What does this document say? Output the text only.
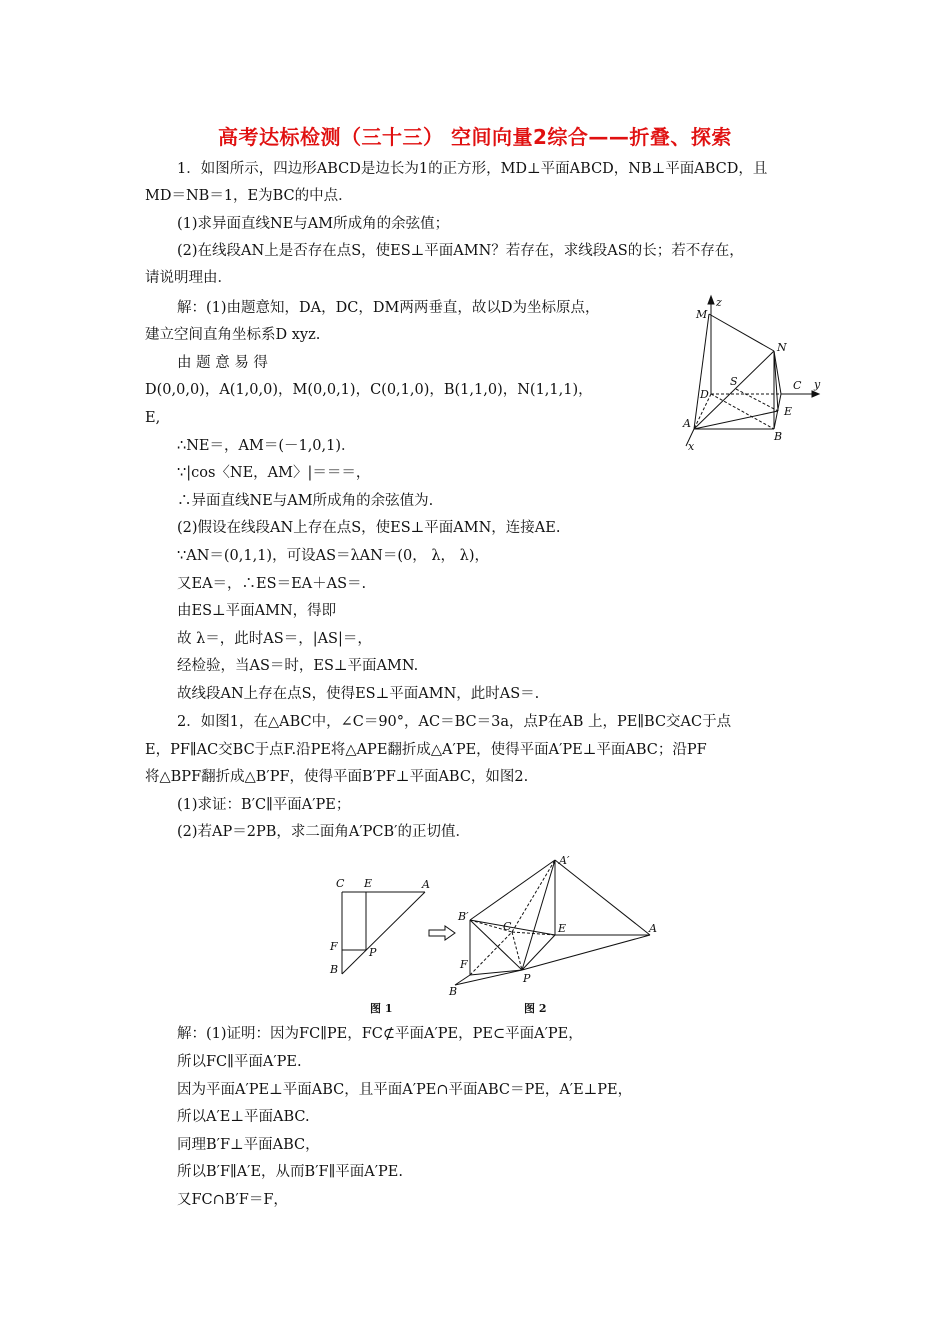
高考达标检测（三十三） 空间向量2综合——折叠、探索
1．如图所示，四边形ABCD是边长为1的正方形，MD⊥平面ABCD，NB⊥平面ABCD，且
MD＝NB＝1，E为BC的中点．
(1)求异面直线NE与AM所成角的余弦值；
(2)在线段AN上是否存在点S，使ES⊥平面AMN？若存在，求线段AS的长；若不存在，
请说明理由．
解：(1)由题意知，DA，DC，DM两两垂直，故以D为坐标原点，
建立空间直角坐标系D xyz.
由 题 意 易 得
D(0,0,0)，A(1,0,0)，M(0,0,1)，C(0,1,0)，B(1,1,0)，N(1,1,1)，
E,
∴NE＝，AM＝(－1,0,1)．
∵|cos〈NE，AM〉|＝＝＝，
∴异面直线NE与AM所成角的余弦值为.
(2)假设在线段AN上存在点S，使ES⊥平面AMN，连接AE.
∵AN＝(0,1,1)，可设AS＝λAN＝(0， λ， λ)，
又EA＝，∴ES＝EA＋AS＝.
由ES⊥平面AMN，得即
故 λ＝，此时AS＝，|AS|＝，
经检验，当AS＝时，ES⊥平面AMN.
故线段AN上存在点S，使得ES⊥平面AMN，此时AS＝.
2．如图1，在△ABC中，∠C＝90°，AC＝BC＝3a，点P在AB 上，PE∥BC交AC于点
E，PF∥AC交BC于点F.沿PE将△APE翻折成△A′PE，使得平面A′PE⊥平面ABC；沿PF
将△BPF翻折成△B′PF，使得平面B′PF⊥平面ABC，如图2.
(1)求证：B′C∥平面A′PE；
(2)若AP＝2PB，求二面角A′PCB′的正切值．
解：(1)证明：因为FC∥PE，FC⊄平面A′PE，PE⊂平面A′PE，
所以FC∥平面A′PE.
因为平面A′PE⊥平面ABC，且平面A′PE∩平面ABC＝PE，A′E⊥PE，
所以A′E⊥平面ABC.
同理B′F⊥平面ABC，
所以B′F∥A′E，从而B′F∥平面A′PE.
又FC∩B′F＝F，
z
M
N
S
D
C y
E
A
B
x
C E	A
F	P
B
图 1
A′
B′
C	E	A
F
P
B
图 2
